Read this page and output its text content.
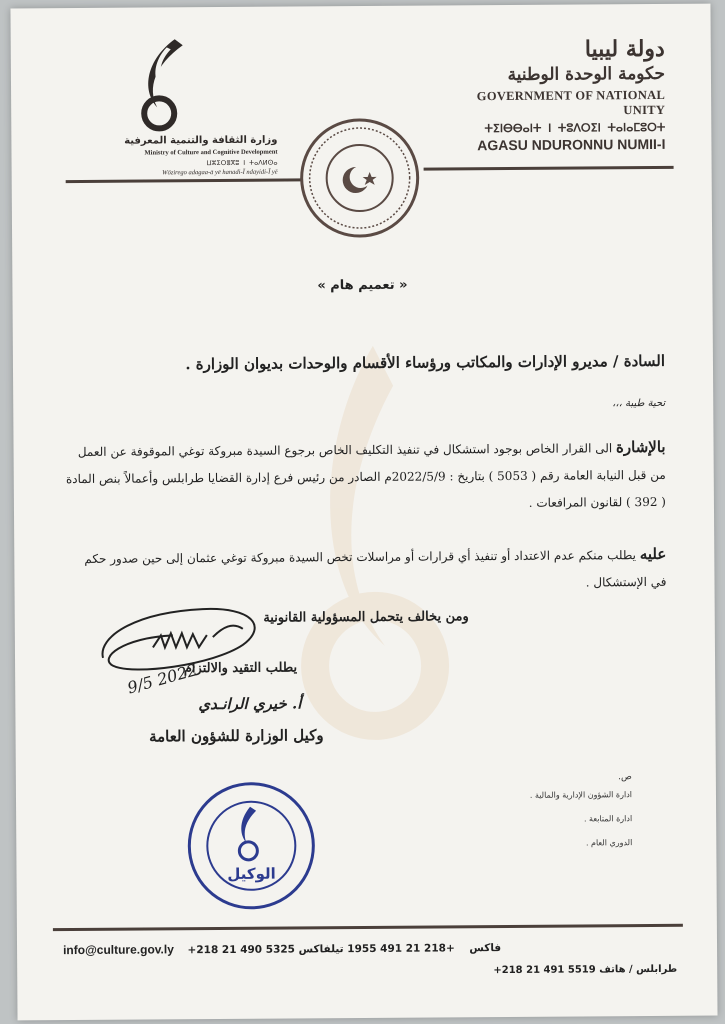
دولة ليبيا
حكومة الوحدة الوطنية
GOVERNMENT OF NATIONAL UNITY
ⵜⵉⵏⴱⴱⴰⵏⵜ ⵏ ⵜⵓⴷⵔⵉⵏ ⵜⴰⵏⴰⵎⵓⵔⵜ
AGASU NDURONNU NUMII-I
وزارة الثقافة والتنمية المعرفية
Ministry of Culture and Cognitive Development
ⵡⵣⵉⵔⴻⴳⵓ ⵏ ⵜⴰⴷⵍⵙⴰ
Wözirego adagaa-ā yē hanadi-Ī ndayidi-Ī yē
« تعميم هام »
السادة / مديرو الإدارات والمكاتب ورؤساء الأقسام والوحدات بديوان الوزارة .
تحية طيبة ،،،
بالإشارة الى القرار الخاص بوجود استشكال في تنفيذ التكليف الخاص برجوع السيدة مبروكة توغي الموقوفة عن العمل من قبل النيابة العامة رقم ( 5053 ) بتاريخ : 2022/5/9م الصادر من رئيس فرع إدارة القضايا طرابلس وأعمالاً بنص المادة ( 392 ) لقانون المرافعات .
عليه يطلب منكم عدم الاعتداد أو تنفيذ أي قرارات أو مراسلات تخص السيدة مبروكة توغي عثمان إلى حين صدور حكم في الإستشكال .
ومن يخالف يتحمل المسؤولية القانونية
يطلب التقيد والالتزام
أ. خيري الرانـدي
وكيل الوزارة للشؤون العامة
9/5 2022
ص.
ادارة الشؤون الإدارية والمالية .
ادارة المتابعة .
الدوري العام .
الوكيل
info@culture.gov.ly +218 21 490 5325 فاكس    +218 21 491 1955 تيلفاكس
طرابلس / هاتف 5519 491 21 218+
